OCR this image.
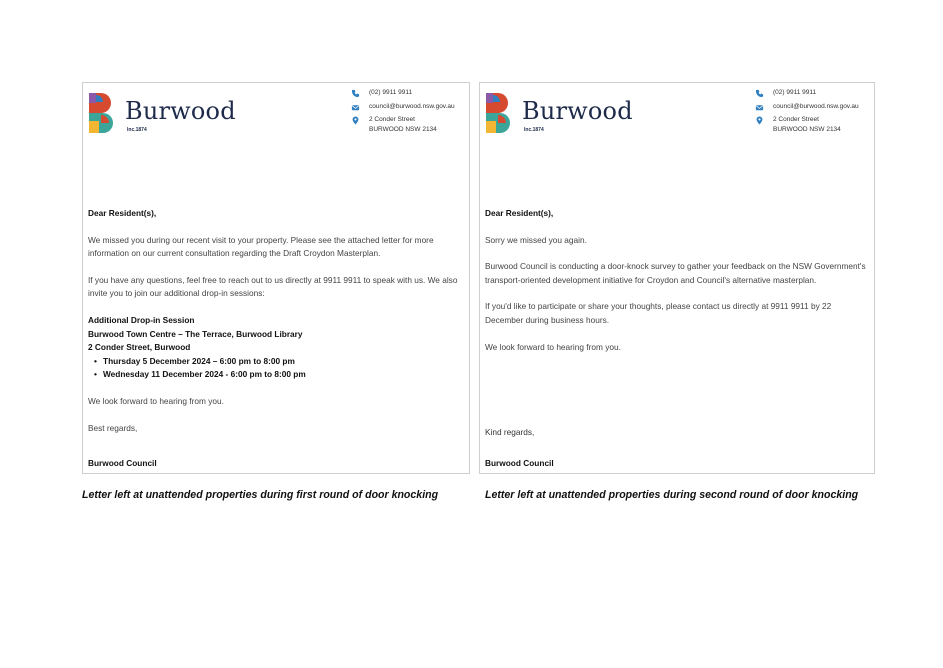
Burwood
Inc.1874
(02) 9911 9911
council@burwood.nsw.gov.au
2 Conder Street
BURWOOD NSW 2134
Dear Resident(s),
We missed you during our recent visit to your property. Please see the attached letter for more information on our current consultation regarding the Draft Croydon Masterplan.
If you have any questions, feel free to reach out to us directly at 9911 9911 to speak with us. We also invite you to join our additional drop-in sessions:
Additional Drop-in Session
Burwood Town Centre – The Terrace, Burwood Library
2 Conder Street, Burwood
• Thursday 5 December 2024 – 6:00 pm to 8:00 pm
• Wednesday 11 December 2024 - 6:00 pm to 8:00 pm
We look forward to hearing from you.
Best regards,
Burwood Council
Burwood
Inc.1874
(02) 9911 9911
council@burwood.nsw.gov.au
2 Conder Street
BURWOOD NSW 2134
Dear Resident(s),
Sorry we missed you again.
Burwood Council is conducting a door-knock survey to gather your feedback on the NSW Government's transport-oriented development initiative for Croydon and Council's alternative masterplan.
If you'd like to participate or share your thoughts, please contact us directly at 9911 9911 by 22 December during business hours.
We look forward to hearing from you.
Kind regards,
Burwood Council
Letter left at unattended properties during first round of door knocking	Letter left at unattended properties during second round of door knocking
